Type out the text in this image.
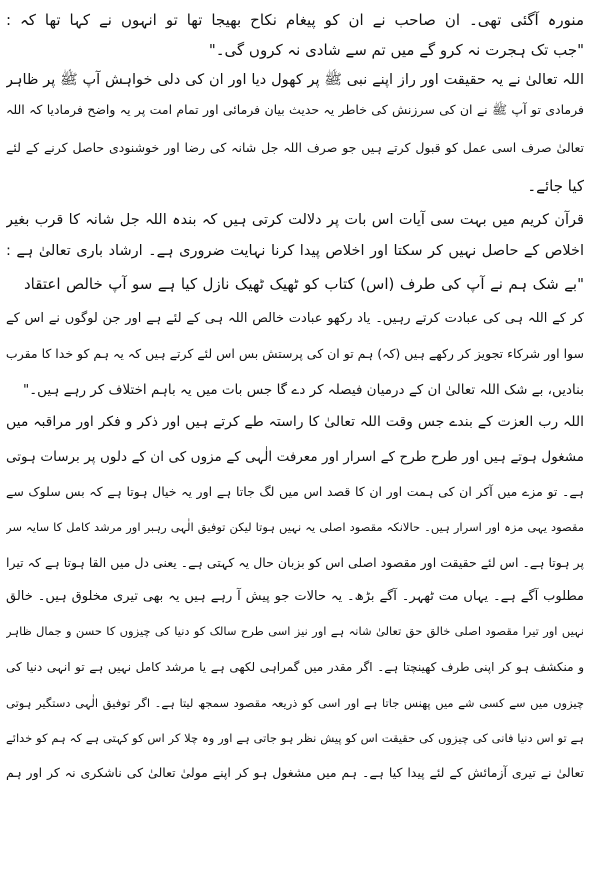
منورہ آگئی تھی۔ ان صاحب نے ان کو پیغام نکاح بھیجا تھا تو انہوں نے کہا تھا کہ :
"جب تک ہجرت نہ کرو گے میں تم سے شادی نہ کروں گی۔"
اللہ تعالیٰ نے یہ حقیقت اور راز اپنے نبی ﷺ پر کھول دیا اور ان کی دلی خواہش آپ ﷺ پر ظاہر
فرمادی تو آپ ﷺ نے ان کی سرزنش کی خاطر یہ حدیث بیان فرمائی اور تمام امت پر یہ واضح فرمادیا کہ اللہ
تعالیٰ صرف اسی عمل کو قبول کرتے ہیں جو صرف اللہ جل شانہ کی رضا اور خوشنودی حاصل کرنے کے لئے
کیا جائے۔
قرآن کریم میں بہت سی آیات اس بات پر دلالت کرتی ہیں کہ بندہ اللہ جل شانہ کا قرب بغیر
اخلاص کے حاصل نہیں کر سکتا اور اخلاص پیدا کرنا نہایت ضروری ہے۔ ارشاد باری تعالیٰ ہے :
"بے شک ہم نے آپ کی طرف (اس) کتاب کو ٹھیک ٹھیک نازل کیا ہے سو آپ خالص اعتقاد
کر کے اللہ ہی کی عبادت کرتے رہیں۔ یاد رکھو عبادت خالص اللہ ہی کے لئے ہے اور جن لوگوں نے اس کے
سوا اور شرکاء تجویز کر رکھے ہیں (کہ) ہم تو ان کی پرستش بس اس لئے کرتے ہیں کہ یہ ہم کو خدا کا مقرب
بنادیں، بے شک اللہ تعالیٰ ان کے درمیان فیصلہ کر دے گا جس بات میں یہ باہم اختلاف کر رہے ہیں۔"
اللہ رب العزت کے بندے جس وقت اللہ تعالیٰ کا راستہ طے کرتے ہیں اور ذکر و فکر اور مراقبہ میں
مشغول ہوتے ہیں اور طرح طرح کے اسرار اور معرفت الٰہی کے مزوں کی ان کے دلوں پر برسات ہوتی
ہے۔ تو مزے میں آکر ان کی ہمت اور ان کا قصد اس میں لگ جاتا ہے اور یہ خیال ہوتا ہے کہ بس سلوک سے
مقصود یہی مزہ اور اسرار ہیں۔ حالانکہ مقصود اصلی یہ نہیں ہوتا لیکن توفیق الٰہی رہبر اور مرشد کامل کا سایہ سر
پر ہوتا ہے۔ اس لئے حقیقت اور مقصود اصلی اس کو بزبان حال یہ کہتی ہے۔ یعنی دل میں القا ہوتا ہے کہ تیرا
مطلوب آگے ہے۔ یہاں مت ٹھہر۔ آگے بڑھ۔ یہ حالات جو پیش آ رہے ہیں یہ بھی تیری مخلوق ہیں۔ خالق
نہیں اور تیرا مقصود اصلی خالق حق تعالیٰ شانہ ہے اور نیز اسی طرح سالک کو دنیا کی چیزوں کا حسن و جمال ظاہر
و منکشف ہو کر اپنی طرف کھینچتا ہے۔ اگر مقدر میں گمراہی لکھی ہے یا مرشد کامل نہیں ہے تو انہی دنیا کی
چیزوں میں سے کسی شے میں پھنس جاتا ہے اور اسی کو ذریعہ مقصود سمجھ لیتا ہے۔ اگر توفیق الٰہی دستگیر ہوتی
ہے تو اس دنیا فانی کی چیزوں کی حقیقت اس کو پیش نظر ہو جاتی ہے اور وہ چلا کر اس کو کہتی ہے کہ ہم کو خدائے
تعالیٰ نے تیری آزمائش کے لئے پیدا کیا ہے۔ ہم میں مشغول ہو کر اپنے مولیٰ تعالیٰ کی ناشکری نہ کر اور ہم
